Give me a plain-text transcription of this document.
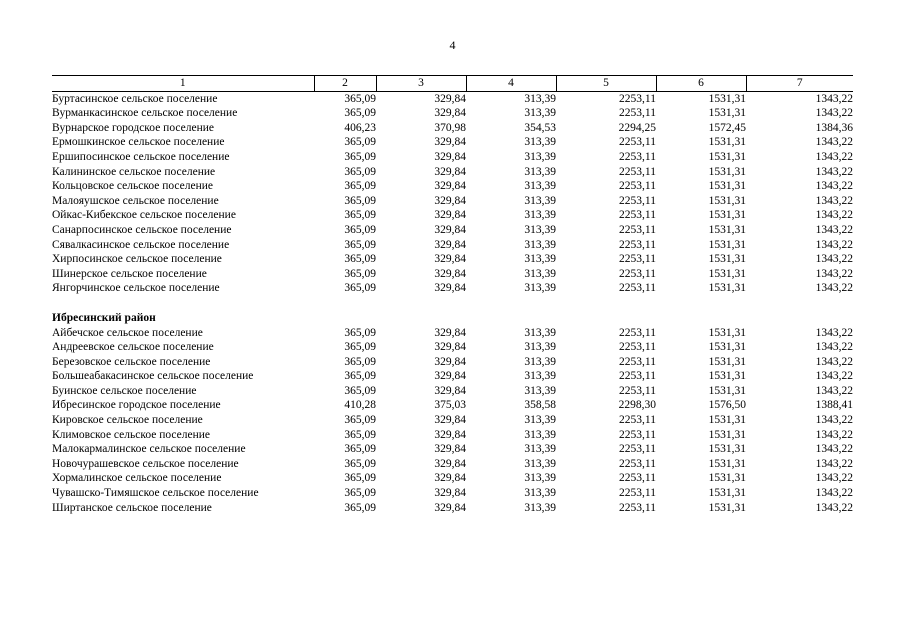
4
1	2	3	4	5	6	7
Буртасинское сельское поселение	365,09	329,84	313,39	2253,11	1531,31	1343,22
Вурманкасинское сельское поселение	365,09	329,84	313,39	2253,11	1531,31	1343,22
Вурнарское городское поселение	406,23	370,98	354,53	2294,25	1572,45	1384,36
Ермошкинское сельское поселение	365,09	329,84	313,39	2253,11	1531,31	1343,22
Ершипосинское сельское поселение	365,09	329,84	313,39	2253,11	1531,31	1343,22
Калининское сельское поселение	365,09	329,84	313,39	2253,11	1531,31	1343,22
Кольцовское сельское поселение	365,09	329,84	313,39	2253,11	1531,31	1343,22
Малояушское сельское поселение	365,09	329,84	313,39	2253,11	1531,31	1343,22
Ойкас-Кибекское сельское поселение	365,09	329,84	313,39	2253,11	1531,31	1343,22
Санарпосинское сельское поселение	365,09	329,84	313,39	2253,11	1531,31	1343,22
Сявалкасинское сельское поселение	365,09	329,84	313,39	2253,11	1531,31	1343,22
Хирпосинское сельское поселение	365,09	329,84	313,39	2253,11	1531,31	1343,22
Шинерское сельское поселение	365,09	329,84	313,39	2253,11	1531,31	1343,22
Янгорчинское сельское поселение	365,09	329,84	313,39	2253,11	1531,31	1343,22

Ибресинский район						
Айбечское сельское поселение	365,09	329,84	313,39	2253,11	1531,31	1343,22
Андреевское сельское поселение	365,09	329,84	313,39	2253,11	1531,31	1343,22
Березовское сельское поселение	365,09	329,84	313,39	2253,11	1531,31	1343,22
Большеабакасинское сельское поселение	365,09	329,84	313,39	2253,11	1531,31	1343,22
Буинское сельское поселение	365,09	329,84	313,39	2253,11	1531,31	1343,22
Ибресинское городское поселение	410,28	375,03	358,58	2298,30	1576,50	1388,41
Кировское сельское поселение	365,09	329,84	313,39	2253,11	1531,31	1343,22
Климовское сельское поселение	365,09	329,84	313,39	2253,11	1531,31	1343,22
Малокармалинское сельское поселение	365,09	329,84	313,39	2253,11	1531,31	1343,22
Новочурашевское сельское поселение	365,09	329,84	313,39	2253,11	1531,31	1343,22
Хормалинское сельское поселение	365,09	329,84	313,39	2253,11	1531,31	1343,22
Чувашско-Тимяшское сельское поселение	365,09	329,84	313,39	2253,11	1531,31	1343,22
Ширтанское сельское поселение	365,09	329,84	313,39	2253,11	1531,31	1343,22
